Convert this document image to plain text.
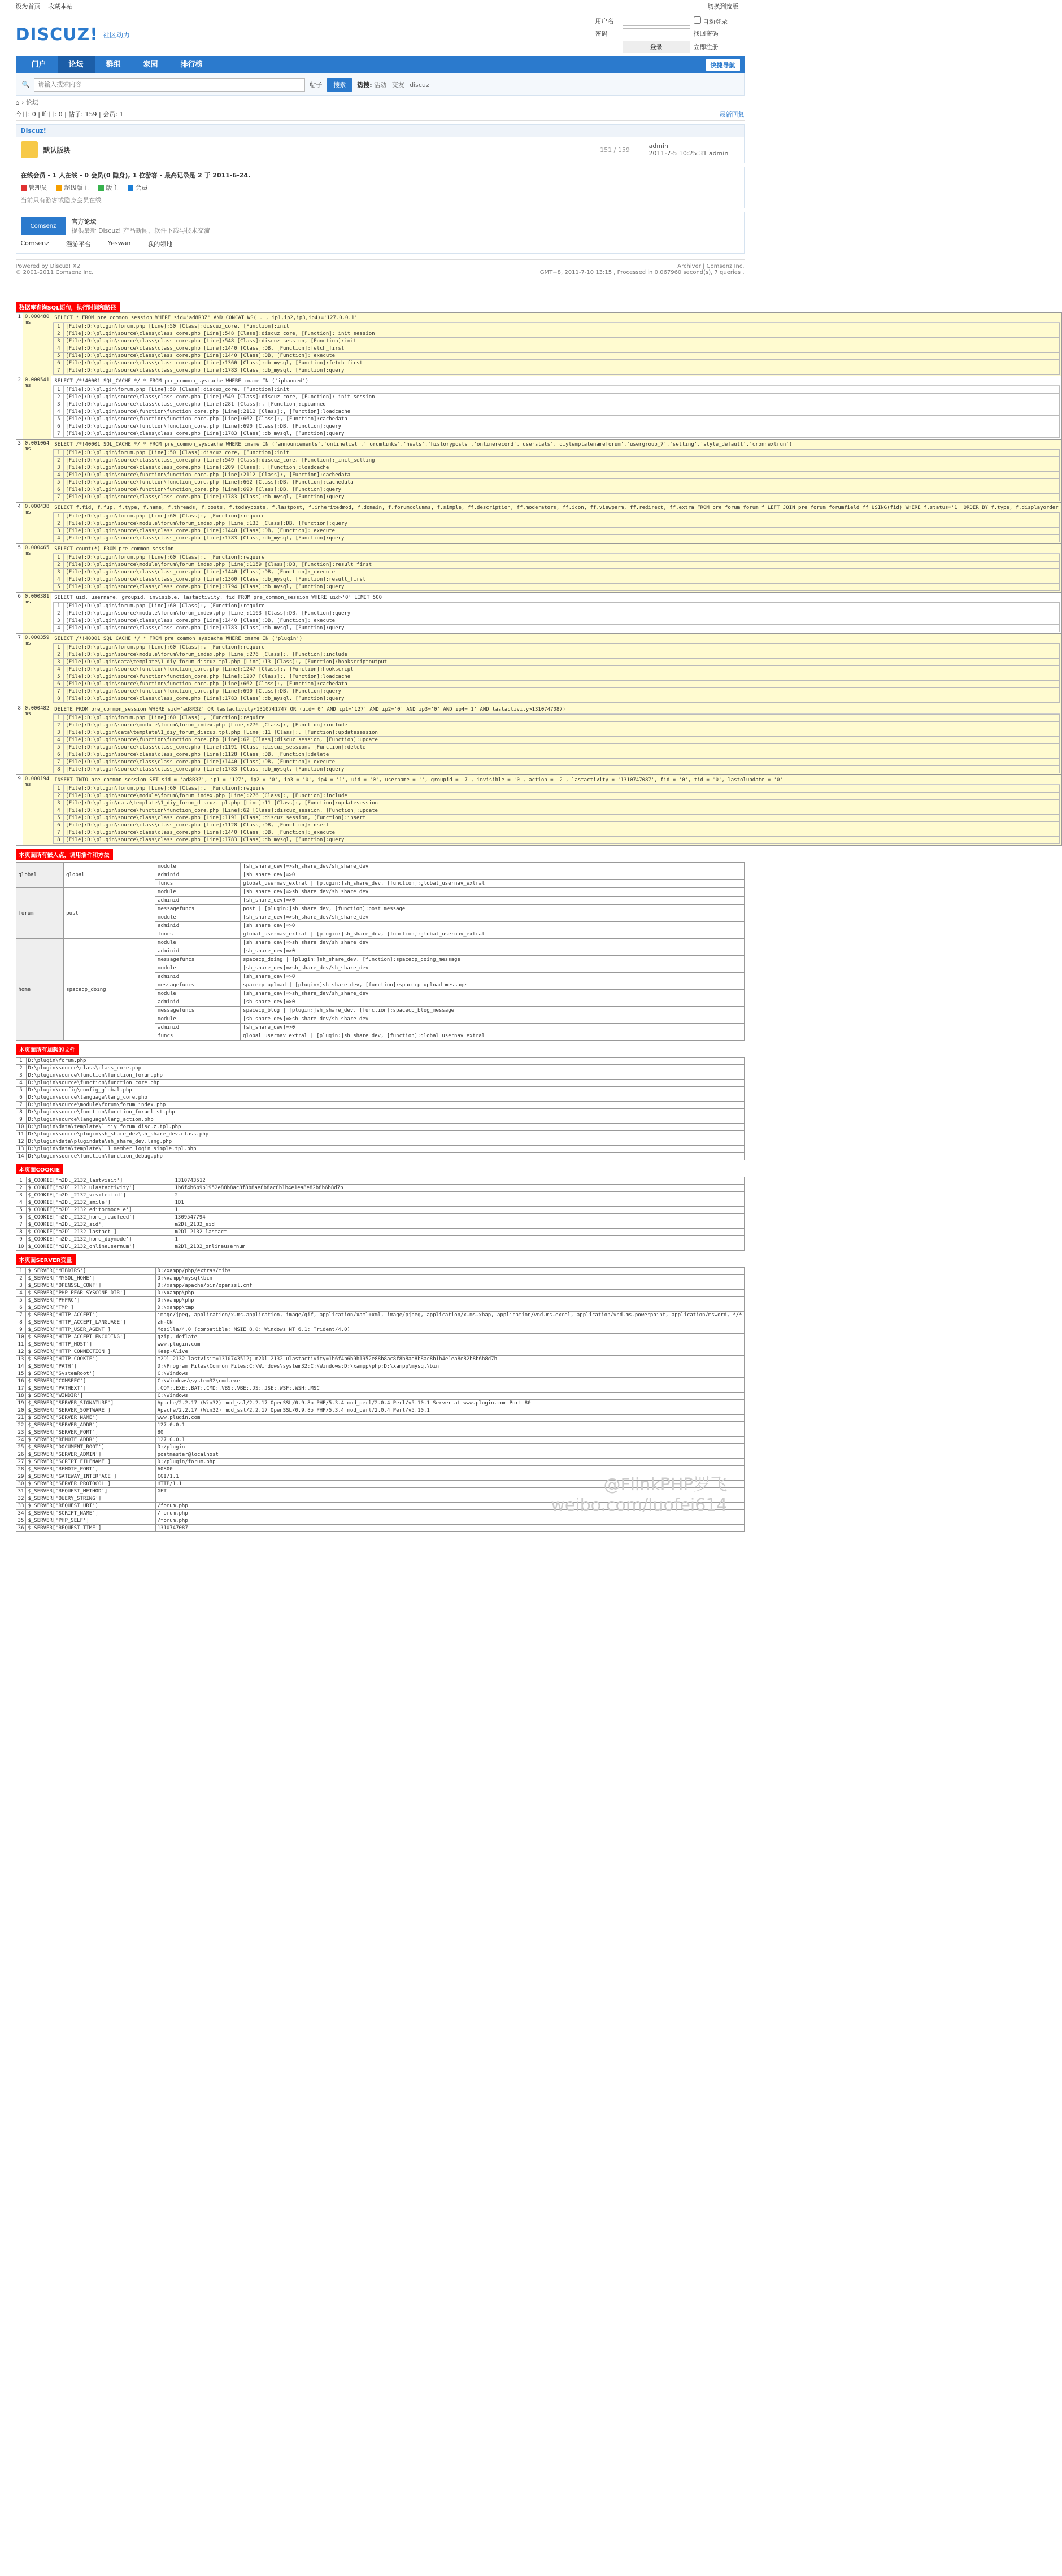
设为首页 收藏本站	切换到宽版
DISCUZ! 社区动力
用户名	自动登录
密码	找回密码
登录	立即注册
门户	论坛	群组	家园	排行榜	快捷导航
🔍
请输入搜索内容	帖子	搜索	热搜: 活动 交友 discuz
⌂ › 论坛
今日: 0 | 昨日: 0 | 帖子: 159 | 会员: 1	最新回复
Discuz!
默认版块	151 / 159	admin
2011-7-5 10:25:31 admin
在线会员 - 1 人在线 - 0 会员(0 隐身), 1 位游客 - 最高记录是 2 于 2011-6-24.
管理员	超级版主	版主	会员
当前只有游客或隐身会员在线
Comsenz
官方论坛
提供最新 Discuz! 产品新闻、软件下载与技术交流
Comsenz	漫游平台	Yeswan	我的领地
Powered by Discuz! X2
© 2001-2011 Comsenz Inc.
Archiver | Comsenz Inc.
GMT+8, 2011-7-10 13:15 , Processed in 0.067960 second(s), 7 queries .
数据库查询SQL语句，执行时间和路径
1	0.000480 ms	
SELECT * FROM pre_common_session WHERE sid='ad8R3Z' AND CONCAT_WS('.', ip1,ip2,ip3,ip4)='127.0.0.1'
1	[File]:D:\plugin\forum.php [Line]:50 [Class]:discuz_core, [Function]:init
2	[File]:D:\plugin\source\class\class_core.php [Line]:548 [Class]:discuz_core, [Function]:_init_session
3	[File]:D:\plugin\source\class\class_core.php [Line]:548 [Class]:discuz_session, [Function]:init
4	[File]:D:\plugin\source\class\class_core.php [Line]:1440 [Class]:DB, [Function]:fetch_first
5	[File]:D:\plugin\source\class\class_core.php [Line]:1440 [Class]:DB, [Function]:_execute
6	[File]:D:\plugin\source\class\class_core.php [Line]:1360 [Class]:db_mysql, [Function]:fetch_first
7	[File]:D:\plugin\source\class\class_core.php [Line]:1783 [Class]:db_mysql, [Function]:query

2	0.000541 ms	
SELECT /*!40001 SQL_CACHE */ * FROM pre_common_syscache WHERE cname IN ('ipbanned')
1	[File]:D:\plugin\forum.php [Line]:50 [Class]:discuz_core, [Function]:init
2	[File]:D:\plugin\source\class\class_core.php [Line]:549 [Class]:discuz_core, [Function]:_init_session
3	[File]:D:\plugin\source\class\class_core.php [Line]:281 [Class]:, [Function]:ipbanned
4	[File]:D:\plugin\source\function\function_core.php [Line]:2112 [Class]:, [Function]:loadcache
5	[File]:D:\plugin\source\function\function_core.php [Line]:662 [Class]:, [Function]:cachedata
6	[File]:D:\plugin\source\function\function_core.php [Line]:690 [Class]:DB, [Function]:query
7	[File]:D:\plugin\source\class\class_core.php [Line]:1783 [Class]:db_mysql, [Function]:query

3	0.001064 ms	
SELECT /*!40001 SQL_CACHE */ * FROM pre_common_syscache WHERE cname IN ('announcements','onlinelist','forumlinks','heats','historyposts','onlinerecord','userstats','diytemplatenameforum','usergroup_7','setting','style_default','cronnextrun')
1	[File]:D:\plugin\forum.php [Line]:50 [Class]:discuz_core, [Function]:init
2	[File]:D:\plugin\source\class\class_core.php [Line]:549 [Class]:discuz_core, [Function]:_init_setting
3	[File]:D:\plugin\source\class\class_core.php [Line]:209 [Class]:, [Function]:loadcache
4	[File]:D:\plugin\source\function\function_core.php [Line]:2112 [Class]:, [Function]:cachedata
5	[File]:D:\plugin\source\function\function_core.php [Line]:662 [Class]:DB, [Function]:cachedata
6	[File]:D:\plugin\source\function\function_core.php [Line]:690 [Class]:DB, [Function]:query
7	[File]:D:\plugin\source\class\class_core.php [Line]:1783 [Class]:db_mysql, [Function]:query

4	0.000438 ms	
SELECT f.fid, f.fup, f.type, f.name, f.threads, f.posts, f.todayposts, f.lastpost, f.inheritedmod, f.domain, f.forumcolumns, f.simple, ff.description, ff.moderators, ff.icon, ff.viewperm, ff.redirect, ff.extra FROM pre_forum_forum f LEFT JOIN pre_forum_forumfield ff USING(fid) WHERE f.status='1' ORDER BY f.type, f.displayorder
1	[File]:D:\plugin\forum.php [Line]:60 [Class]:, [Function]:require
2	[File]:D:\plugin\source\module\forum\forum_index.php [Line]:133 [Class]:DB, [Function]:query
3	[File]:D:\plugin\source\class\class_core.php [Line]:1440 [Class]:DB, [Function]:_execute
4	[File]:D:\plugin\source\class\class_core.php [Line]:1783 [Class]:db_mysql, [Function]:query

5	0.000465 ms	
SELECT count(*) FROM pre_common_session
1	[File]:D:\plugin\forum.php [Line]:60 [Class]:, [Function]:require
2	[File]:D:\plugin\source\module\forum\forum_index.php [Line]:1159 [Class]:DB, [Function]:result_first
3	[File]:D:\plugin\source\class\class_core.php [Line]:1440 [Class]:DB, [Function]:_execute
4	[File]:D:\plugin\source\class\class_core.php [Line]:1360 [Class]:db_mysql, [Function]:result_first
5	[File]:D:\plugin\source\class\class_core.php [Line]:1794 [Class]:db_mysql, [Function]:query

6	0.000381 ms	
SELECT uid, username, groupid, invisible, lastactivity, fid FROM pre_common_session WHERE uid>'0' LIMIT 500
1	[File]:D:\plugin\forum.php [Line]:60 [Class]:, [Function]:require
2	[File]:D:\plugin\source\module\forum\forum_index.php [Line]:1163 [Class]:DB, [Function]:query
3	[File]:D:\plugin\source\class\class_core.php [Line]:1440 [Class]:DB, [Function]:_execute
4	[File]:D:\plugin\source\class\class_core.php [Line]:1783 [Class]:db_mysql, [Function]:query

7	0.000359 ms	
SELECT /*!40001 SQL_CACHE */ * FROM pre_common_syscache WHERE cname IN ('plugin')
1	[File]:D:\plugin\forum.php [Line]:60 [Class]:, [Function]:require
2	[File]:D:\plugin\source\module\forum\forum_index.php [Line]:276 [Class]:, [Function]:include
3	[File]:D:\plugin\data\template\1_diy_forum_discuz.tpl.php [Line]:13 [Class]:, [Function]:hookscriptoutput
4	[File]:D:\plugin\source\function\function_core.php [Line]:1247 [Class]:, [Function]:hookscript
5	[File]:D:\plugin\source\function\function_core.php [Line]:1207 [Class]:, [Function]:loadcache
6	[File]:D:\plugin\source\function\function_core.php [Line]:662 [Class]:, [Function]:cachedata
7	[File]:D:\plugin\source\function\function_core.php [Line]:690 [Class]:DB, [Function]:query
8	[File]:D:\plugin\source\class\class_core.php [Line]:1783 [Class]:db_mysql, [Function]:query

8	0.000482 ms	
DELETE FROM pre_common_session WHERE sid='ad8R3Z' OR lastactivity<1310741747 OR (uid='0' AND ip1='127' AND ip2='0' AND ip3='0' AND ip4='1' AND lastactivity>1310747087)
1	[File]:D:\plugin\forum.php [Line]:60 [Class]:, [Function]:require
2	[File]:D:\plugin\source\module\forum\forum_index.php [Line]:276 [Class]:, [Function]:include
3	[File]:D:\plugin\data\template\1_diy_forum_discuz.tpl.php [Line]:11 [Class]:, [Function]:updatesession
4	[File]:D:\plugin\source\function\function_core.php [Line]:62 [Class]:discuz_session, [Function]:update
5	[File]:D:\plugin\source\class\class_core.php [Line]:1191 [Class]:discuz_session, [Function]:delete
6	[File]:D:\plugin\source\class\class_core.php [Line]:1128 [Class]:DB, [Function]:delete
7	[File]:D:\plugin\source\class\class_core.php [Line]:1440 [Class]:DB, [Function]:_execute
8	[File]:D:\plugin\source\class\class_core.php [Line]:1783 [Class]:db_mysql, [Function]:query

9	0.000194 ms	
INSERT INTO pre_common_session SET sid = 'ad8R3Z', ip1 = '127', ip2 = '0', ip3 = '0', ip4 = '1', uid = '0', username = '', groupid = '7', invisible = '0', action = '2', lastactivity = '1310747087', fid = '0', tid = '0', lastolupdate = '0'
1	[File]:D:\plugin\forum.php [Line]:60 [Class]:, [Function]:require
2	[File]:D:\plugin\source\module\forum\forum_index.php [Line]:276 [Class]:, [Function]:include
3	[File]:D:\plugin\data\template\1_diy_forum_discuz.tpl.php [Line]:11 [Class]:, [Function]:updatesession
4	[File]:D:\plugin\source\function\function_core.php [Line]:62 [Class]:discuz_session, [Function]:update
5	[File]:D:\plugin\source\class\class_core.php [Line]:1191 [Class]:discuz_session, [Function]:insert
6	[File]:D:\plugin\source\class\class_core.php [Line]:1128 [Class]:DB, [Function]:insert
7	[File]:D:\plugin\source\class\class_core.php [Line]:1440 [Class]:DB, [Function]:_execute
8	[File]:D:\plugin\source\class\class_core.php [Line]:1783 [Class]:db_mysql, [Function]:query
本页面所有嵌入点，调用插件和方法
global	global	module	[sh_share_dev]=>sh_share_dev/sh_share_dev
		adminid	[sh_share_dev]=>0
		funcs	global_usernav_extral | [plugin:]sh_share_dev, [function]:global_usernav_extral
forum	post	module	[sh_share_dev]=>sh_share_dev/sh_share_dev
		adminid	[sh_share_dev]=>0
		messagefuncs	post | [plugin:]sh_share_dev, [function]:post_message
		module	[sh_share_dev]=>sh_share_dev/sh_share_dev
		adminid	[sh_share_dev]=>0
		funcs	global_usernav_extral | [plugin:]sh_share_dev, [function]:global_usernav_extral
home	spacecp_doing	module	[sh_share_dev]=>sh_share_dev/sh_share_dev
		adminid	[sh_share_dev]=>0
		messagefuncs	spacecp_doing | [plugin:]sh_share_dev, [function]:spacecp_doing_message
		module	[sh_share_dev]=>sh_share_dev/sh_share_dev
		adminid	[sh_share_dev]=>0
		messagefuncs	spacecp_upload | [plugin:]sh_share_dev, [function]:spacecp_upload_message
		module	[sh_share_dev]=>sh_share_dev/sh_share_dev
		adminid	[sh_share_dev]=>0
		messagefuncs	spacecp_blog | [plugin:]sh_share_dev, [function]:spacecp_blog_message
		module	[sh_share_dev]=>sh_share_dev/sh_share_dev
		adminid	[sh_share_dev]=>0
		funcs	global_usernav_extral | [plugin:]sh_share_dev, [function]:global_usernav_extral
本页面所有加载的文件
1	D:\plugin\forum.php
2	D:\plugin\source\class\class_core.php
3	D:\plugin\source\function\function_forum.php
4	D:\plugin\source\function\function_core.php
5	D:\plugin\config\config_global.php
6	D:\plugin\source\language\lang_core.php
7	D:\plugin\source\module\forum\forum_index.php
8	D:\plugin\source\function\function_forumlist.php
9	D:\plugin\source\language\lang_action.php
10	D:\plugin\data\template\1_diy_forum_discuz.tpl.php
11	D:\plugin\source\plugin\sh_share_dev\sh_share_dev.class.php
12	D:\plugin\data\plugindata\sh_share_dev.lang.php
13	D:\plugin\data\template\1_1_member_login_simple.tpl.php
14	D:\plugin\source\function\function_debug.php
本页面COOKIE
1	$_COOKIE['m2Dl_2132_lastvisit']	1310743512
2	$_COOKIE['m2Dl_2132_ulastactivity']	1b6f4b6b9b1952e88b8ac8f8b8ae8b8ac8b1b4e1ea8e82b8b6b8d7b
3	$_COOKIE['m2Dl_2132_visitedfid']	2
4	$_COOKIE['m2Dl_2132_smile']	1D1
5	$_COOKIE['m2Dl_2132_editormode_e']	1
6	$_COOKIE['m2Dl_2132_home_readfeed']	1309547794
7	$_COOKIE['m2Dl_2132_sid']	m2Dl_2132_sid
8	$_COOKIE['m2Dl_2132_lastact']	m2Dl_2132_lastact
9	$_COOKIE['m2Dl_2132_home_diymode']	1
10	$_COOKIE['m2Dl_2132_onlineusernum']	m2Dl_2132_onlineusernum
本页面SERVER变量
1	$_SERVER['MIBDIRS']	D:/xampp/php/extras/mibs
2	$_SERVER['MYSQL_HOME']	D:\xampp\mysql\bin
3	$_SERVER['OPENSSL_CONF']	D:/xampp/apache/bin/openssl.cnf
4	$_SERVER['PHP_PEAR_SYSCONF_DIR']	D:\xampp\php
5	$_SERVER['PHPRC']	D:\xampp\php
6	$_SERVER['TMP']	D:\xampp\tmp
7	$_SERVER['HTTP_ACCEPT']	image/jpeg, application/x-ms-application, image/gif, application/xaml+xml, image/pjpeg, application/x-ms-xbap, application/vnd.ms-excel, application/vnd.ms-powerpoint, application/msword, */*
8	$_SERVER['HTTP_ACCEPT_LANGUAGE']	zh-CN
9	$_SERVER['HTTP_USER_AGENT']	Mozilla/4.0 (compatible; MSIE 8.0; Windows NT 6.1; Trident/4.0)
10	$_SERVER['HTTP_ACCEPT_ENCODING']	gzip, deflate
11	$_SERVER['HTTP_HOST']	www.plugin.com
12	$_SERVER['HTTP_CONNECTION']	Keep-Alive
13	$_SERVER['HTTP_COOKIE']	m2Dl_2132_lastvisit=1310743512; m2Dl_2132_ulastactivity=1b6f4b6b9b1952e88b8ac8f8b8ae8b8ac8b1b4e1ea8e82b8b6b8d7b
14	$_SERVER['PATH']	D:\Program Files\Common Files;C:\Windows\system32;C:\Windows;D:\xampp\php;D:\xampp\mysql\bin
15	$_SERVER['SystemRoot']	C:\Windows
16	$_SERVER['COMSPEC']	C:\Windows\system32\cmd.exe
17	$_SERVER['PATHEXT']	.COM;.EXE;.BAT;.CMD;.VBS;.VBE;.JS;.JSE;.WSF;.WSH;.MSC
18	$_SERVER['WINDIR']	C:\Windows
19	$_SERVER['SERVER_SIGNATURE']	Apache/2.2.17 (Win32) mod_ssl/2.2.17 OpenSSL/0.9.8o PHP/5.3.4 mod_perl/2.0.4 Perl/v5.10.1 Server at www.plugin.com Port 80
20	$_SERVER['SERVER_SOFTWARE']	Apache/2.2.17 (Win32) mod_ssl/2.2.17 OpenSSL/0.9.8o PHP/5.3.4 mod_perl/2.0.4 Perl/v5.10.1
21	$_SERVER['SERVER_NAME']	www.plugin.com
22	$_SERVER['SERVER_ADDR']	127.0.0.1
23	$_SERVER['SERVER_PORT']	80
24	$_SERVER['REMOTE_ADDR']	127.0.0.1
25	$_SERVER['DOCUMENT_ROOT']	D:/plugin
26	$_SERVER['SERVER_ADMIN']	postmaster@localhost
27	$_SERVER['SCRIPT_FILENAME']	D:/plugin/forum.php
28	$_SERVER['REMOTE_PORT']	60800
29	$_SERVER['GATEWAY_INTERFACE']	CGI/1.1
30	$_SERVER['SERVER_PROTOCOL']	HTTP/1.1
31	$_SERVER['REQUEST_METHOD']	GET
32	$_SERVER['QUERY_STRING']	
33	$_SERVER['REQUEST_URI']	/forum.php
34	$_SERVER['SCRIPT_NAME']	/forum.php
35	$_SERVER['PHP_SELF']	/forum.php
36	$_SERVER['REQUEST_TIME']	1310747087
@FlinkPHP罗飞
weibo.com/luofei614
